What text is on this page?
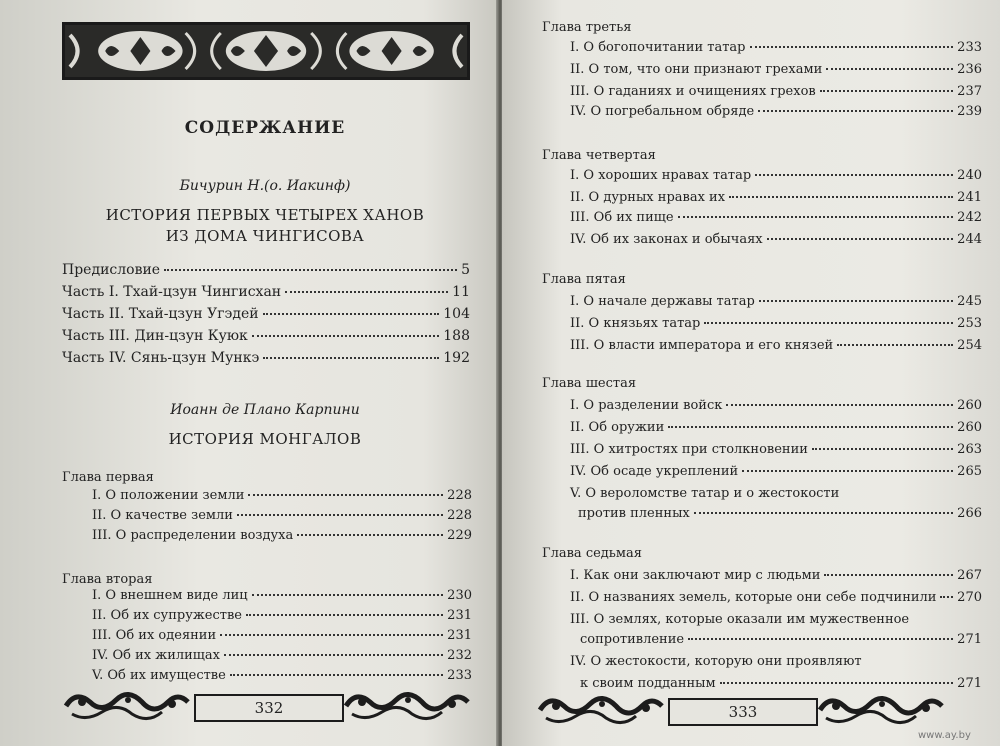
СОДЕРЖАНИЕ
Бичурин Н.(о. Иакинф)
ИСТОРИЯ ПЕРВЫХ ЧЕТЫРЕХ ХАНОВ
ИЗ ДОМА ЧИНГИСОВА
Предисловие	5
Часть I. Тхай-цзун Чингисхан	11
Часть II. Тхай-цзун Угэдей	104
Часть III. Дин-цзун Куюк	188
Часть IV. Сянь-цзун Мункэ	192
Иоанн де Плано Карпини
ИСТОРИЯ МОНГАЛОВ
Глава первая
I. О положении земли	228
II. О качестве земли	228
III. О распределении воздуха	229
Глава вторая
I. О внешнем виде лиц	230
II. Об их супружестве	231
III. Об их одеянии	231
IV. Об их жилищах	232
V. Об их имуществе	233
332
Глава третья
I. О богопочитании татар	233
II. О том, что они признают грехами	236
III. О гаданиях и очищениях грехов	237
IV. О погребальном обряде	239
Глава четвертая
I. О хороших нравах татар	240
II. О дурных нравах их	241
III. Об их пище	242
IV. Об их законах и обычаях	244
Глава пятая
I. О начале державы татар	245
II. О князьях татар	253
III. О власти императора и его князей	254
Глава шестая
I. О разделении войск	260
II. Об оружии	260
III. О хитростях при столкновении	263
IV. Об осаде укреплений	265
V. О вероломстве татар и о жестокости
против пленных	266
Глава седьмая
I. Как они заключают мир с людьми	267
II. О названиях земель, которые они себе подчинили 270
III. О землях, которые оказали им мужественное
сопротивление	271
IV. О жестокости, которую они проявляют
к своим подданным	271
333
www.ay.by
